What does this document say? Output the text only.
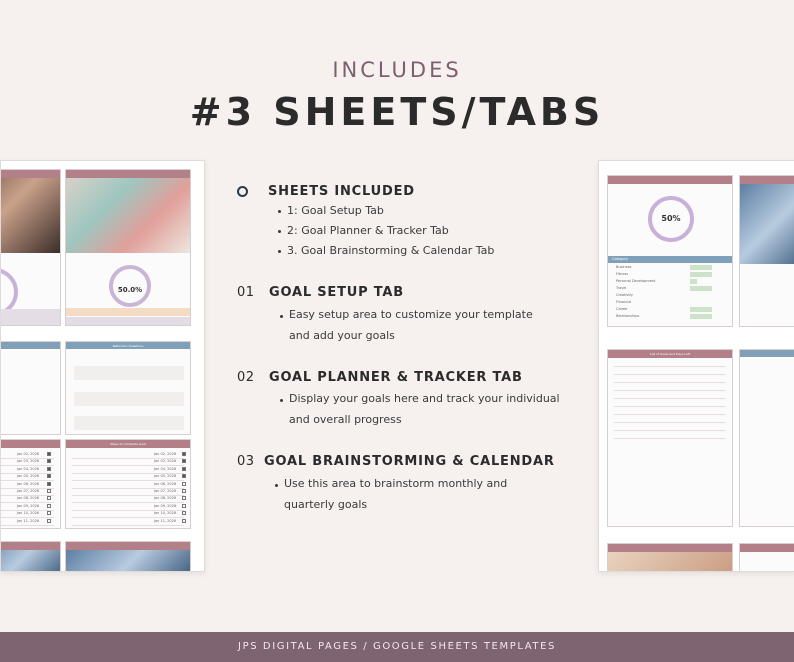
INCLUDES
#3 SHEETS/TABS
50.0%
Reflection Questions
Jan 02, 2026
Jan 03, 2026
Jan 04, 2026
Jan 05, 2026
Jan 06, 2026
Jan 07, 2026
Jan 08, 2026
Jan 09, 2026
Jan 10, 2026
Jan 11, 2026
Steps to Complete Goal
Jan 02, 2026
Jan 03, 2026
Jan 04, 2026
Jan 05, 2026
Jan 06, 2026
Jan 07, 2026
Jan 08, 2026
Jan 09, 2026
Jan 10, 2026
Jan 11, 2026
50%
Category
Business
Fitness
Personal Development
Travel
Creativity
Financial
Career
Relationships
List of Goals and Days Left
SHEETS INCLUDED
1: Goal Setup Tab
2: Goal Planner & Tracker Tab
3. Goal Brainstorming & Calendar Tab
01 GOAL SETUP TAB
Easy setup area to customize your template
and add your goals
02 GOAL PLANNER & TRACKER TAB
Display your goals here and track your individual
and overall progress
03 GOAL BRAINSTORMING & CALENDAR
Use this area to brainstorm monthly and
quarterly goals
JPS DIGITAL PAGES / GOOGLE SHEETS TEMPLATES
